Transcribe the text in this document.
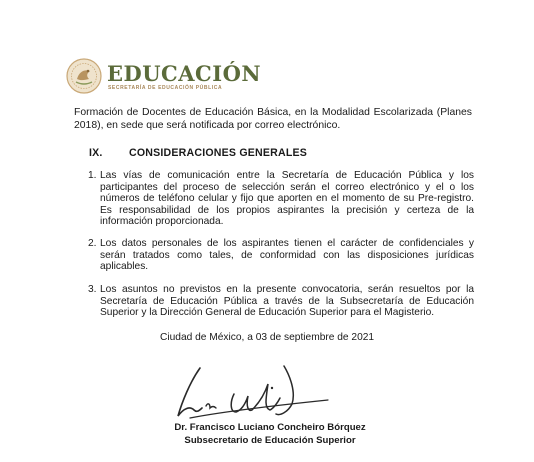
EDUCACIÓN
SECRETARÍA DE EDUCACIÓN PÚBLICA
Formación de Docentes de Educación Básica, en la Modalidad Escolarizada (Planes 2018), en sede que será notificada por correo electrónico.
IX. CONSIDERACIONES GENERALES
1. Las vías de comunicación entre la Secretaría de Educación Pública y los participantes del proceso de selección serán el correo electrónico y el o los números de teléfono celular y fijo que aporten en el momento de su Pre-registro. Es responsabilidad de los propios aspirantes la precisión y certeza de la información proporcionada.
2. Los datos personales de los aspirantes tienen el carácter de confidenciales y serán tratados como tales, de conformidad con las disposiciones jurídicas aplicables.
3. Los asuntos no previstos en la presente convocatoria, serán resueltos por la Secretaría de Educación Pública a través de la Subsecretaría de Educación Superior y la Dirección General de Educación Superior para el Magisterio.
Ciudad de México, a 03 de septiembre de 2021
Dr. Francisco Luciano Concheiro Bórquez
Subsecretario de Educación Superior
